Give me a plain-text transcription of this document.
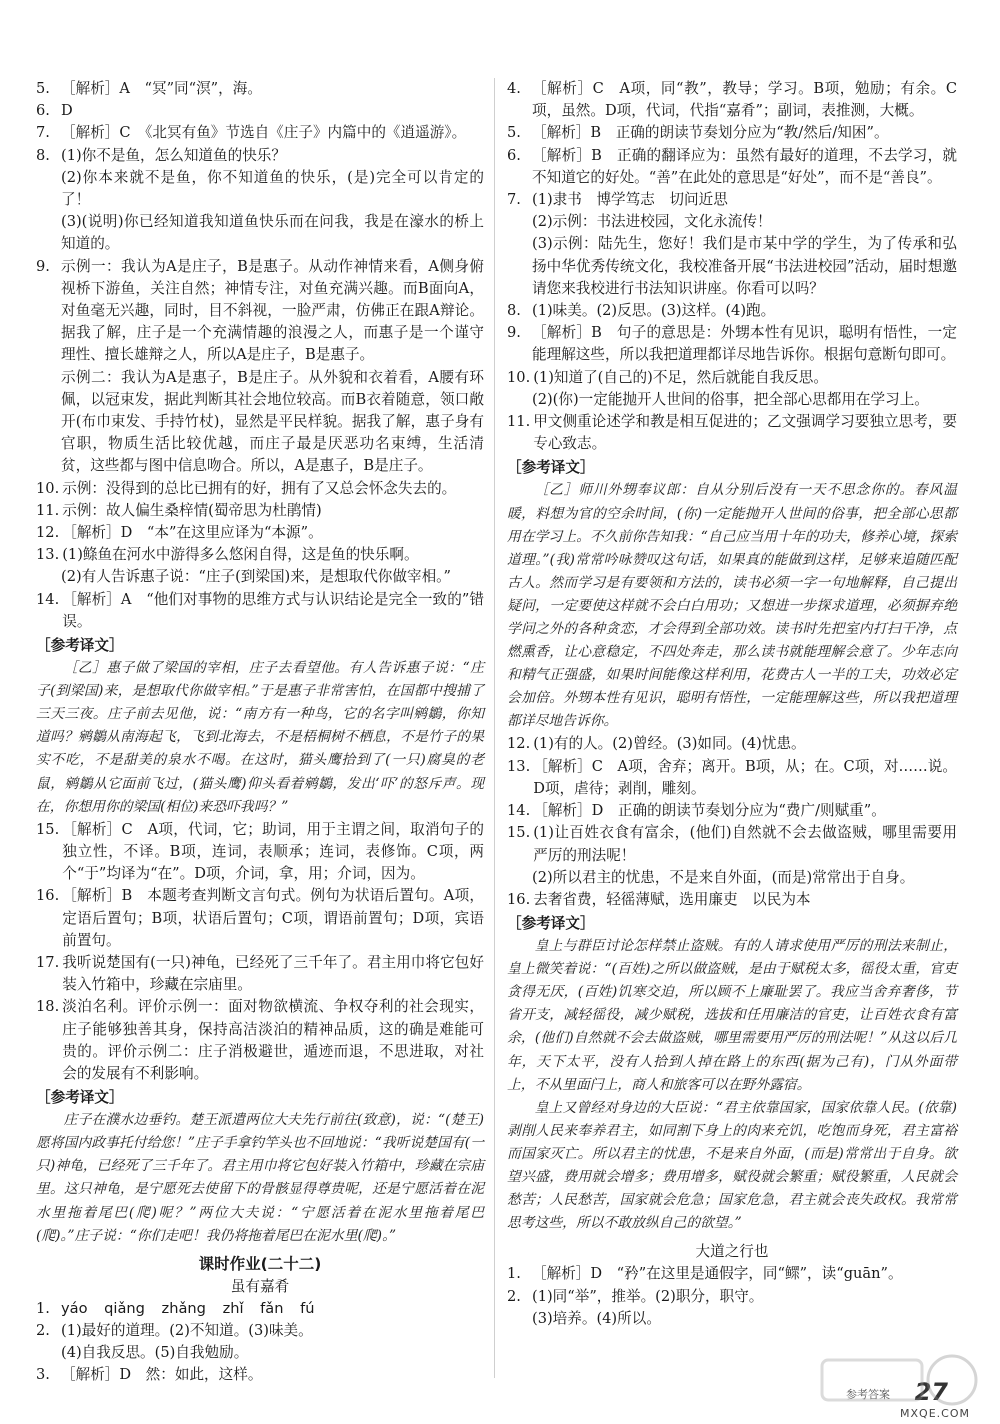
5. ［解析］A　“冥”同“溟”，海。
6. D
7. ［解析］C　《北冥有鱼》节选自《庄子》内篇中的《逍遥游》。
8. (1)你不是鱼，怎么知道鱼的快乐？
(2)你本来就不是鱼，你不知道鱼的快乐，(是)完全可以肯定的了！
(3)(说明)你已经知道我知道鱼快乐而在问我，我是在濠水的桥上知道的。
9. 示例一：我认为A是庄子，B是惠子。从动作神情来看，A侧身俯视桥下游鱼，关注自然；神情专注，对鱼充满兴趣。而B面向A，对鱼毫无兴趣，同时，目不斜视，一脸严肃，仿佛正在跟A辩论。据我了解，庄子是一个充满情趣的浪漫之人，而惠子是一个谨守理性、擅长雄辩之人，所以A是庄子，B是惠子。
示例二：我认为A是惠子，B是庄子。从外貌和衣着看，A腰有环佩，以冠束发，据此判断其社会地位较高。而B衣着随意，领口敞开(布巾束发、手持竹杖)，显然是平民样貌。据我了解，惠子身有官职，物质生活比较优越，而庄子最是厌恶功名束缚，生活清贫，这些都与图中信息吻合。所以，A是惠子，B是庄子。
10. 示例：没得到的总比已拥有的好，拥有了又总会怀念失去的。
11. 示例：故人偏生桑梓情(蜀帝思为杜鹃情)
12. ［解析］D　“本”在这里应译为“本源”。
13. (1)鲦鱼在河水中游得多么悠闲自得，这是鱼的快乐啊。
(2)有人告诉惠子说：“庄子(到梁国)来，是想取代你做宰相。”
14. ［解析］A　“他们对事物的思维方式与认识结论是完全一致的”错误。
［参考译文］
［乙］惠子做了梁国的宰相，庄子去看望他。有人告诉惠子说：“庄子(到梁国)来，是想取代你做宰相。”于是惠子非常害怕，在国都中搜捕了三天三夜。庄子前去见他，说：“南方有一种鸟，它的名字叫鹓鶵，你知道吗？鹓鶵从南海起飞，飞到北海去，不是梧桐树不栖息，不是竹子的果实不吃，不是甜美的泉水不喝。在这时，猫头鹰拾到了(一只)腐臭的老鼠，鹓鶵从它面前飞过，(猫头鹰)仰头看着鹓鶵，发出‘吓’的怒斥声。现在，你想用你的梁国(相位)来恐吓我吗？”
15. ［解析］C　A项，代词，它；助词，用于主谓之间，取消句子的独立性，不译。B项，连词，表顺承；连词，表修饰。C项，两个“于”均译为“在”。D项，介词，拿，用；介词，因为。
16. ［解析］B　本题考查判断文言句式。例句为状语后置句。A项，定语后置句；B项，状语后置句；C项，谓语前置句；D项，宾语前置句。
17. 我听说楚国有(一只)神龟，已经死了三千年了。君主用巾将它包好装入竹箱中，珍藏在宗庙里。
18. 淡泊名利。评价示例一：面对物欲横流、争权夺利的社会现实，庄子能够独善其身，保持高洁淡泊的精神品质，这的确是难能可贵的。评价示例二：庄子消极避世，遁迹而退，不思进取，对社会的发展有不利影响。
［参考译文］
庄子在濮水边垂钓。楚王派遣两位大夫先行前往(致意)，说：“(楚王)愿将国内政事托付给您！”庄子手拿钓竿头也不回地说：“我听说楚国有(一只)神龟，已经死了三千年了。君主用巾将它包好装入竹箱中，珍藏在宗庙里。这只神龟，是宁愿死去使留下的骨骸显得尊贵呢，还是宁愿活着在泥水里拖着尾巴(爬)呢？”两位大夫说：“宁愿活着在泥水里拖着尾巴(爬)。”庄子说：“你们走吧！我仍将拖着尾巴在泥水里(爬)。”
课时作业(二十二)
虽有嘉肴
1. yáo qiǎng zhǎng zhǐ fǎn fú
2. (1)最好的道理。(2)不知道。(3)味美。
(4)自我反思。(5)自我勉励。
3. ［解析］D　然：如此，这样。
4. ［解析］C　A项，同“教”，教导；学习。B项，勉励；有余。C项，虽然。D项，代词，代指“嘉肴”；副词，表推测，大概。
5. ［解析］B　正确的朗读节奏划分应为“教/然后/知困”。
6. ［解析］B　正确的翻译应为：虽然有最好的道理，不去学习，就不知道它的好处。“善”在此处的意思是“好处”，而不是“善良”。
7. (1)隶书　博学笃志　切问近思
(2)示例：书法进校园，文化永流传！
(3)示例：陆先生，您好！我们是市某中学的学生，为了传承和弘扬中华优秀传统文化，我校准备开展“书法进校园”活动，届时想邀请您来我校进行书法知识讲座。你看可以吗？
8. (1)味美。(2)反思。(3)这样。(4)跑。
9. ［解析］B　句子的意思是：外甥本性有见识，聪明有悟性，一定能理解这些，所以我把道理都详尽地告诉你。根据句意断句即可。
10. (1)知道了(自己的)不足，然后就能自我反思。
(2)(你)一定能抛开人世间的俗事，把全部心思都用在学习上。
11. 甲文侧重论述学和教是相互促进的；乙文强调学习要独立思考，要专心致志。
［参考译文］
［乙］师川外甥奉议郎：自从分别后没有一天不思念你的。春风温暖，料想为官的空余时间，(你)一定能抛开人世间的俗事，把全部心思都用在学习上。不久前你告知我：“自己应当用十年的功夫，修养心境，探索道理。”(我)常常吟咏赞叹这句话，如果真的能做到这样，足够来追随匹配古人。然而学习是有要领和方法的，读书必须一字一句地解释，自己提出疑问，一定要使这样就不会白白用功；又想进一步探求道理，必须摒弃绝学问之外的各种贪恋，才会得到全部功效。读书时先把室内打扫干净，点燃熏香，让心意稳定，不四处奔走，那么读书就能理解会意了。少年志向和精气正强盛，如果时间能像这样利用，花费古人一半的工夫，功效必定会加倍。外甥本性有见识，聪明有悟性，一定能理解这些，所以我把道理都详尽地告诉你。
12. (1)有的人。(2)曾经。(3)如同。(4)忧患。
13. ［解析］C　A项，舍弃；离开。B项，从；在。C项，对……说。D项，虐待；剥削，雕刻。
14. ［解析］D　正确的朗读节奏划分应为“费广/则赋重”。
15. (1)让百姓衣食有富余，(他们)自然就不会去做盗贼，哪里需要用严厉的刑法呢！
(2)所以君主的忧患，不是来自外面，(而是)常常出于自身。
16. 去奢省费，轻徭薄赋，选用廉吏　以民为本
［参考译文］
皇上与群臣讨论怎样禁止盗贼。有的人请求使用严厉的刑法来制止，皇上微笑着说：“(百姓)之所以做盗贼，是由于赋税太多，徭役太重，官吏贪得无厌，(百姓)饥寒交迫，所以顾不上廉耻罢了。我应当舍弃奢侈，节省开支，减轻徭役，减少赋税，选拔和任用廉洁的官吏，让百姓衣食有富余，(他们)自然就不会去做盗贼，哪里需要用严厉的刑法呢！”从这以后几年，天下太平，没有人拾到人掉在路上的东西(据为己有)，门从外面带上，不从里面闩上，商人和旅客可以在野外露宿。
皇上又曾经对身边的大臣说：“君主依靠国家，国家依靠人民。(依靠)剥削人民来奉养君主，如同割下身上的肉来充饥，吃饱而身死，君主富裕而国家灭亡。所以君主的忧患，不是来自外面，(而是)常常出于自身。欲望兴盛，费用就会增多；费用增多，赋役就会繁重；赋役繁重，人民就会愁苦；人民愁苦，国家就会危急；国家危急，君主就会丧失政权。我常常思考这些，所以不敢放纵自己的欲望。”
大道之行也
1. ［解析］D　“矜”在这里是通假字，同“鳏”，读“guān”。
2. (1)同“举”，推举。(2)职分，职守。
(3)培养。(4)所以。
参考答案 27
MXQE.COM
